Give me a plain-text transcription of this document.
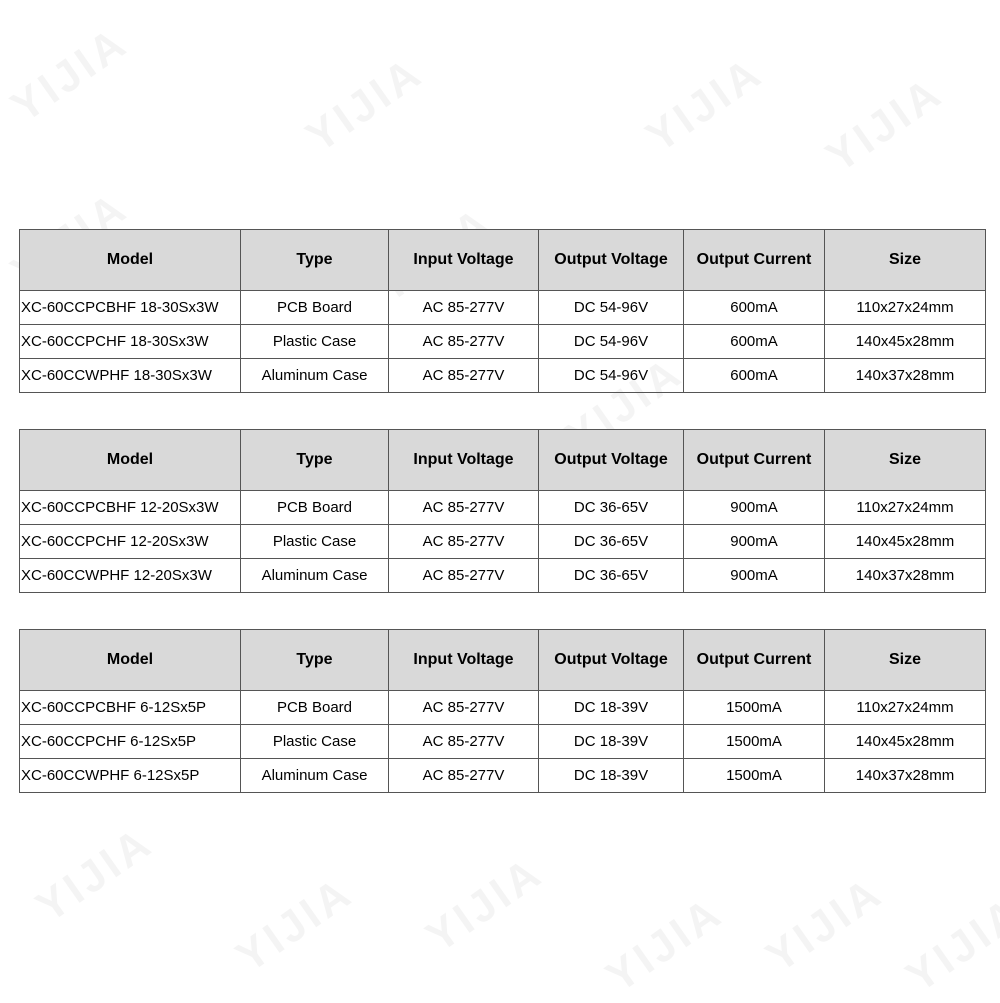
Model	Type	Input Voltage	Output Voltage	Output Current	Size
XC-60CCPCBHF 18-30Sx3W	PCB Board	AC 85-277V	DC 54-96V	600mA	110x27x24mm
XC-60CCPCHF 18-30Sx3W	Plastic Case	AC 85-277V	DC 54-96V	600mA	140x45x28mm
XC-60CCWPHF 18-30Sx3W	Aluminum Case	AC 85-277V	DC 54-96V	600mA	140x37x28mm
Model	Type	Input Voltage	Output Voltage	Output Current	Size
XC-60CCPCBHF 12-20Sx3W	PCB Board	AC 85-277V	DC 36-65V	900mA	110x27x24mm
XC-60CCPCHF 12-20Sx3W	Plastic Case	AC 85-277V	DC 36-65V	900mA	140x45x28mm
XC-60CCWPHF 12-20Sx3W	Aluminum Case	AC 85-277V	DC 36-65V	900mA	140x37x28mm
Model	Type	Input Voltage	Output Voltage	Output Current	Size
XC-60CCPCBHF 6-12Sx5P	PCB Board	AC 85-277V	DC 18-39V	1500mA	110x27x24mm
XC-60CCPCHF 6-12Sx5P	Plastic Case	AC 85-277V	DC 18-39V	1500mA	140x45x28mm
XC-60CCWPHF 6-12Sx5P	Aluminum Case	AC 85-277V	DC 18-39V	1500mA	140x37x28mm
